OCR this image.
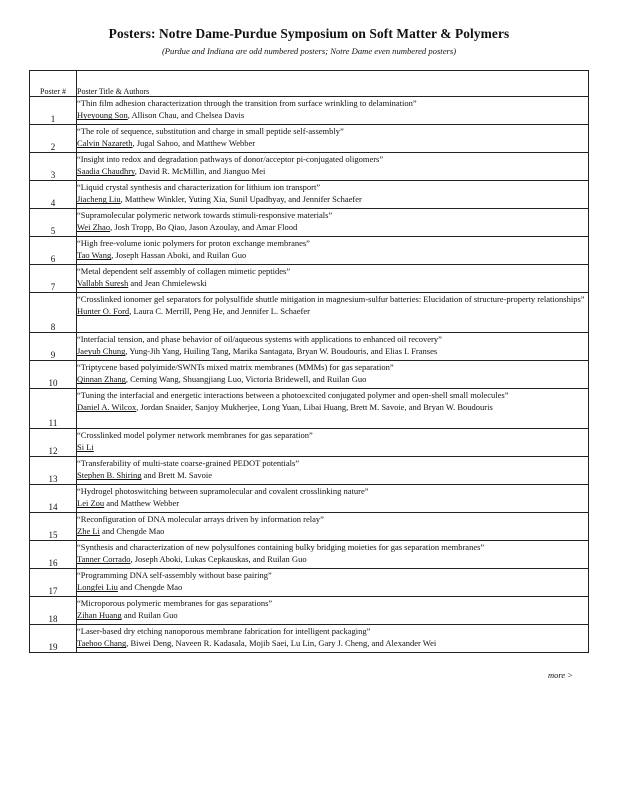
Posters: Notre Dame-Purdue Symposium on Soft Matter & Polymers
(Purdue and Indiana are odd numbered posters; Notre Dame even numbered posters)
Poster #	Poster Title & Authors
1	“Thin film adhesion characterization through the transition from surface wrinkling to delamination”
Hyeyoung Son, Allison Chau, and Chelsea Davis
2	“The role of sequence, substitution and charge in small peptide self-assembly”
Calvin Nazareth, Jugal Sahoo, and Matthew Webber
3	“Insight into redox and degradation pathways of donor/acceptor pi-conjugated oligomers”
Saadia Chaudhry, David R. McMillin, and Jianguo Mei
4	“Liquid crystal synthesis and characterization for lithium ion transport”
Jiacheng Liu, Matthew Winkler, Yuting Xia, Sunil Upadhyay, and Jennifer Schaefer
5	“Supramolecular polymeric network towards stimuli-responsive materials”
Wei Zhao, Josh Tropp, Bo Qiao, Jason Azoulay, and Amar Flood
6	“High free-volume ionic polymers for proton exchange membranes”
Tao Wang, Joseph Hassan Aboki, and Ruilan Guo
7	“Metal dependent self assembly of collagen mimetic peptides”
Vallabh Suresh and Jean Chmielewski
8	“Crosslinked ionomer gel separators for polysulfide shuttle mitigation in magnesium-sulfur batteries: Elucidation of structure-property relationships”
Hunter O. Ford, Laura C. Merrill, Peng He, and Jennifer L. Schaefer
9	“Interfacial tension, and phase behavior of oil/aqueous systems with applications to enhanced oil recovery”
Jaeyub Chung, Yung-Jih Yang, Huiling Tang, Marika Santagata, Bryan W. Boudouris, and Elias I. Franses
10	“Triptycene based polyimide/SWNTs mixed matrix membranes (MMMs) for gas separation”
Qinnan Zhang, Ceming Wang, Shuangjiang Luo, Victoria Bridewell, and Ruilan Guo
11	“Tuning the interfacial and energetic interactions between a photoexcited conjugated polymer and open-shell small molecules”
Daniel A. Wilcox, Jordan Snaider, Sanjoy Mukherjee, Long Yuan, Libai Huang, Brett M. Savoie, and Bryan W. Boudouris
12	“Crosslinked model polymer network membranes for gas separation”
Si Li
13	“Transferability of multi-state coarse-grained PEDOT potentials”
Stephen B. Shiring and Brett M. Savoie
14	“Hydrogel photoswitching between supramolecular and covalent crosslinking nature”
Lei Zou and Matthew Webber
15	“Reconfiguration of DNA molecular arrays driven by information relay”
Zhe Li and Chengde Mao
16	“Synthesis and characterization of new polysulfones containing bulky bridging moieties for gas separation membranes”
Tanner Corrado, Joseph Aboki, Lukas Cepkauskas, and Ruilan Guo
17	“Programming DNA self-assembly without base pairing”
Longfei Liu and Chengde Mao
18	“Microporous polymeric membranes for gas separations”
Zihan Huang and Ruilan Guo
19	“Laser-based dry etching nanoporous membrane fabrication for intelligent packaging”
Taehoo Chang, Biwei Deng, Naveen R. Kadasala, Mojib Saei, Lu Lin, Gary J. Cheng, and Alexander Wei
more >
